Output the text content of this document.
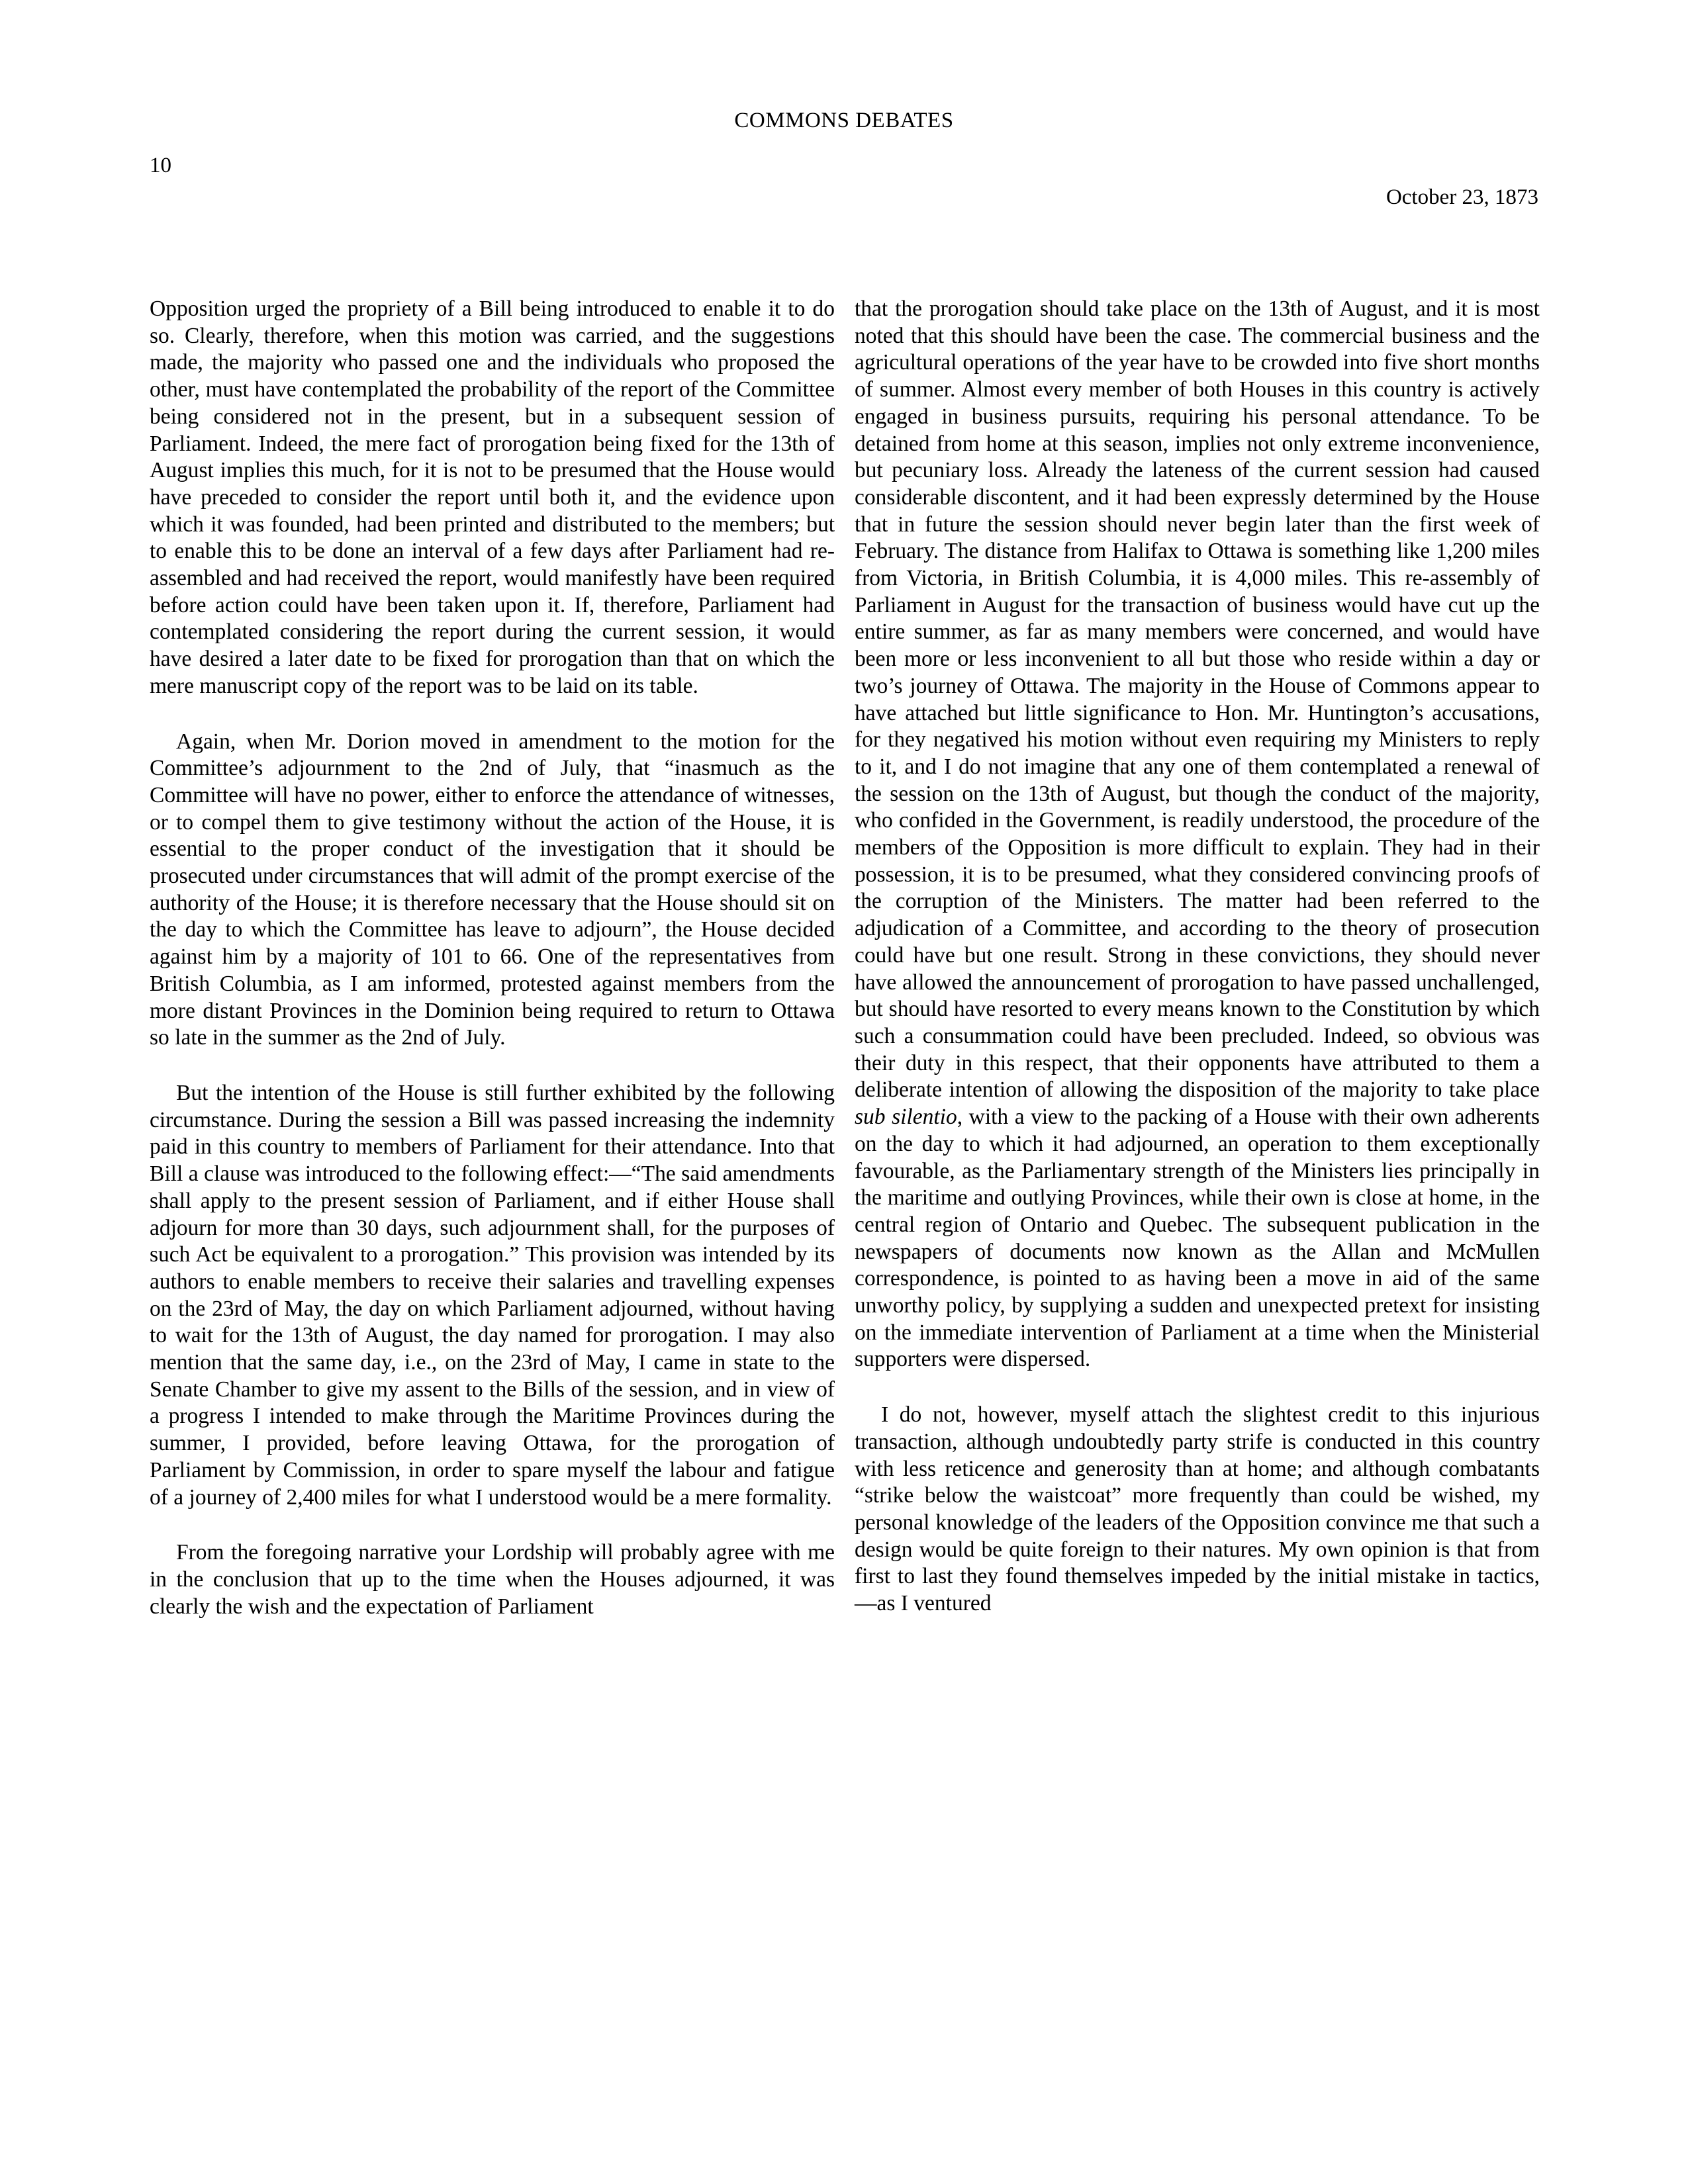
COMMONS DEBATES
10
October 23, 1873

Opposition urged the propriety of a Bill being introduced to enable it to do so. Clearly, therefore, when this motion was carried, and the suggestions made, the majority who passed one and the individuals who proposed the other, must have contemplated the probability of the report of the Committee being considered not in the present, but in a subsequent session of Parliament. Indeed, the mere fact of prorogation being fixed for the 13th of August implies this much, for it is not to be presumed that the House would have preceded to consider the report until both it, and the evidence upon which it was founded, had been printed and distributed to the members; but to enable this to be done an interval of a few days after Parliament had re-assembled and had received the report, would manifestly have been required before action could have been taken upon it. If, therefore, Parliament had contemplated considering the report during the current session, it would have desired a later date to be fixed for prorogation than that on which the mere manuscript copy of the report was to be laid on its table.

Again, when Mr. Dorion moved in amendment to the motion for the Committee’s adjournment to the 2nd of July, that “inasmuch as the Committee will have no power, either to enforce the attendance of witnesses, or to compel them to give testimony without the action of the House, it is essential to the proper conduct of the investigation that it should be prosecuted under circumstances that will admit of the prompt exercise of the authority of the House; it is therefore necessary that the House should sit on the day to which the Committee has leave to adjourn”, the House decided against him by a majority of 101 to 66. One of the representatives from British Columbia, as I am informed, protested against members from the more distant Provinces in the Dominion being required to return to Ottawa so late in the summer as the 2nd of July.

But the intention of the House is still further exhibited by the following circumstance. During the session a Bill was passed increasing the indemnity paid in this country to members of Parliament for their attendance. Into that Bill a clause was introduced to the following effect:—“The said amendments shall apply to the present session of Parliament, and if either House shall adjourn for more than 30 days, such adjournment shall, for the purposes of such Act be equivalent to a prorogation.” This provision was intended by its authors to enable members to receive their salaries and travelling expenses on the 23rd of May, the day on which Parliament adjourned, without having to wait for the 13th of August, the day named for prorogation. I may also mention that the same day, i.e., on the 23rd of May, I came in state to the Senate Chamber to give my assent to the Bills of the session, and in view of a progress I intended to make through the Maritime Provinces during the summer, I provided, before leaving Ottawa, for the prorogation of Parliament by Commission, in order to spare myself the labour and fatigue of a journey of 2,400 miles for what I understood would be a mere formality.

From the foregoing narrative your Lordship will probably agree with me in the conclusion that up to the time when the Houses adjourned, it was clearly the wish and the expectation of Parliament

that the prorogation should take place on the 13th of August, and it is most noted that this should have been the case. The commercial business and the agricultural operations of the year have to be crowded into five short months of summer. Almost every member of both Houses in this country is actively engaged in business pursuits, requiring his personal attendance. To be detained from home at this season, implies not only extreme inconvenience, but pecuniary loss. Already the lateness of the current session had caused considerable discontent, and it had been expressly determined by the House that in future the session should never begin later than the first week of February. The distance from Halifax to Ottawa is something like 1,200 miles from Victoria, in British Columbia, it is 4,000 miles. This re-assembly of Parliament in August for the transaction of business would have cut up the entire summer, as far as many members were concerned, and would have been more or less inconvenient to all but those who reside within a day or two’s journey of Ottawa. The majority in the House of Commons appear to have attached but little significance to Hon. Mr. Huntington’s accusations, for they negatived his motion without even requiring my Ministers to reply to it, and I do not imagine that any one of them contemplated a renewal of the session on the 13th of August, but though the conduct of the majority, who confided in the Government, is readily understood, the procedure of the members of the Opposition is more difficult to explain. They had in their possession, it is to be presumed, what they considered convincing proofs of the corruption of the Ministers. The matter had been referred to the adjudication of a Committee, and according to the theory of prosecution could have but one result. Strong in these convictions, they should never have allowed the announcement of prorogation to have passed unchallenged, but should have resorted to every means known to the Constitution by which such a consummation could have been precluded. Indeed, so obvious was their duty in this respect, that their opponents have attributed to them a deliberate intention of allowing the disposition of the majority to take place sub silentio, with a view to the packing of a House with their own adherents on the day to which it had adjourned, an operation to them exceptionally favourable, as the Parliamentary strength of the Ministers lies principally in the maritime and outlying Provinces, while their own is close at home, in the central region of Ontario and Quebec. The subsequent publication in the newspapers of documents now known as the Allan and McMullen correspondence, is pointed to as having been a move in aid of the same unworthy policy, by supplying a sudden and unexpected pretext for insisting on the immediate intervention of Parliament at a time when the Ministerial supporters were dispersed.

I do not, however, myself attach the slightest credit to this injurious transaction, although undoubtedly party strife is conducted in this country with less reticence and generosity than at home; and although combatants “strike below the waistcoat” more frequently than could be wished, my personal knowledge of the leaders of the Opposition convince me that such a design would be quite foreign to their natures. My own opinion is that from first to last they found themselves impeded by the initial mistake in tactics,—as I ventured
